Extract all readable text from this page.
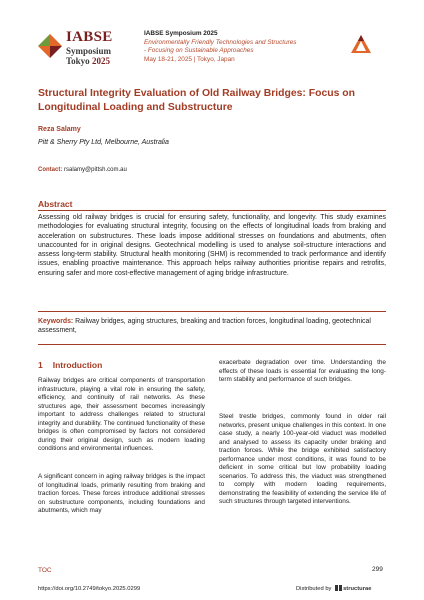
IABSE
Symposium
Tokyo 2025
IABSE Symposium 2025
Environmentally Friendly Technologies and Structures
- Focusing on Sustainable Approaches
May 18-21, 2025 | Tokyo, Japan
Structural Integrity Evaluation of Old Railway Bridges: Focus on
Longitudinal Loading and Substructure
Reza Salamy
Pitt & Sherry Pty Ltd, Melbourne, Australia
Contact: rsalamy@pittsh.com.au
Abstract
Assessing old railway bridges is crucial for ensuring safety, functionality, and longevity. This study examines methodologies for evaluating structural integrity, focusing on the effects of longitudinal loads from braking and acceleration on substructures. These loads impose additional stresses on foundations and abutments, often unaccounted for in original designs. Geotechnical modelling is used to analyse soil-structure interactions and assess long-term stability. Structural health monitoring (SHM) is recommended to track performance and identify issues, enabling proactive maintenance. This approach helps railway authorities prioritise repairs and retrofits, ensuring safer and more cost-effective management of aging bridge infrastructure.
Keywords: Railway bridges, aging structures, breaking and traction forces, longitudinal loading, geotechnical assessment,
1 Introduction

Railway bridges are critical components of transportation infrastructure, playing a vital role in ensuring the safety, efficiency, and continuity of rail networks. As these structures age, their assessment becomes increasingly important to address challenges related to structural integrity and durability. The continued functionality of these bridges is often compromised by factors not considered during their original design, such as modern loading conditions and environmental influences.

A significant concern in aging railway bridges is the impact of longitudinal loads, primarily resulting from braking and traction forces. These forces introduce additional stresses on substructure components, including foundations and abutments, which may

exacerbate degradation over time. Understanding the effects of these loads is essential for evaluating the long-term stability and performance of such bridges.

Steel trestle bridges, commonly found in older rail networks, present unique challenges in this context. In one case study, a nearly 100-year-old viaduct was modelled and analysed to assess its capacity under braking and traction forces. While the bridge exhibited satisfactory performance under most conditions, it was found to be deficient in some critical but low probability loading scenarios. To address this, the viaduct was strengthened to comply with modern loading requirements, demonstrating the feasibility of extending the service life of such structures through targeted interventions.

TOC	299
https://doi.org/10.2749/tokyo.2025.0299	Distributed by structurae
